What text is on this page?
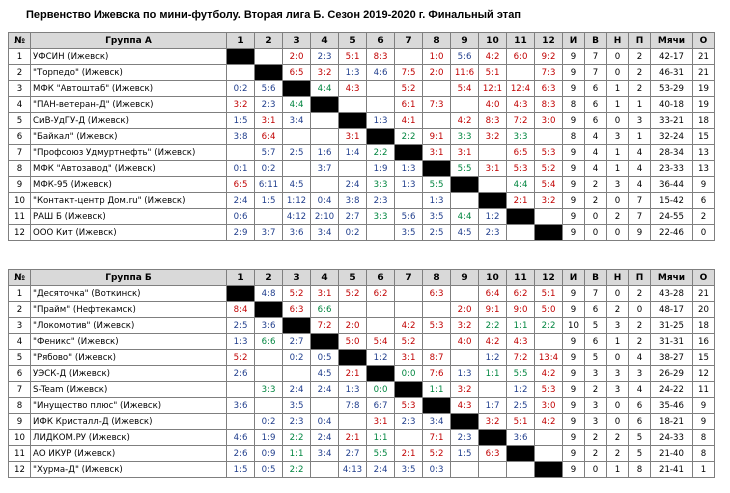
Первенство Ижевска по мини-футболу. Вторая лига Б. Сезон 2019-2020 г. Финальный этап
№	Группа А	1	2	3	4	5	6	7	8	9	10	11	12	И	В	Н	П	Мячи	О
1	УФСИН (Ижевск)			2:0	2:3	5:1	8:3		1:0	5:6	4:2	6:0	9:2	9	7	0	2	42-17	21
2	"Торпедо" (Ижевск)			6:5	3:2	1:3	4:6	7:5	2:0	11:6	5:1		7:3	9	7	0	2	46-31	21
3	МФК "Автоштаб" (Ижевск)	0:2	5:6		4:4	4:3		5:2		5:4	12:1	12:4	6:3	9	6	1	2	53-29	19
4	"ПАН-ветеран-Д" (Ижевск)	3:2	2:3	4:4				6:1	7:3		4:0	4:3	8:3	8	6	1	1	40-18	19
5	СиВ-УдГУ-Д (Ижевск)	1:5	3:1	3:4			1:3	4:1		4:2	8:3	7:2	3:0	9	6	0	3	33-21	18
6	"Байкал" (Ижевск)	3:8	6:4			3:1		2:2	9:1	3:3	3:2	3:3		8	4	3	1	32-24	15
7	"Профсоюз Удмуртнефть" (Ижевск)		5:7	2:5	1:6	1:4	2:2		3:1	3:1		6:5	5:3	9	4	1	4	28-34	13
8	МФК "Автозавод" (Ижевск)	0:1	0:2		3:7		1:9	1:3		5:5	3:1	5:3	5:2	9	4	1	4	23-33	13
9	МФК-95 (Ижевск)	6:5	6:11	4:5		2:4	3:3	1:3	5:5			4:4	5:4	9	2	3	4	36-44	9
10	"Контакт-центр Дом.ru" (Ижевск)	2:4	1:5	1:12	0:4	3:8	2:3		1:3			2:1	3:2	9	2	0	7	15-42	6
11	РАШ Б (Ижевск)	0:6		4:12	2:10	2:7	3:3	5:6	3:5	4:4	1:2			9	0	2	7	24-55	2
12	ООО Кит (Ижевск)	2:9	3:7	3:6	3:4	0:2		3:5	2:5	4:5	2:3			9	0	0	9	22-46	0
№	Группа Б	1	2	3	4	5	6	7	8	9	10	11	12	И	В	Н	П	Мячи	О
1	"Десяточка" (Воткинск)		4:8	5:2	3:1	5:2	6:2		6:3		6:4	6:2	5:1	9	7	0	2	43-28	21
2	"Прайм" (Нефтекамск)	8:4		6:3	6:6					2:0	9:1	9:0	5:0	9	6	2	0	48-17	20
3	"Локомотив" (Ижевск)	2:5	3:6		7:2	2:0		4:2	5:3	3:2	2:2	1:1	2:2	10	5	3	2	31-25	18
4	"Феникс" (Ижевск)	1:3	6:6	2:7		5:0	5:4	5:2		4:0	4:2	4:3		9	6	1	2	31-31	16
5	"Рябово" (Ижевск)	5:2		0:2	0:5		1:2	3:1	8:7		1:2	7:2	13:4	9	5	0	4	38-27	15
6	УЭСК-Д (Ижевск)	2:6			4:5	2:1		0:0	7:6	1:3	1:1	5:5	4:2	9	3	3	3	26-29	12
7	S-Team (Ижевск)		3:3	2:4	2:4	1:3	0:0		1:1	3:2		1:2	5:3	9	2	3	4	24-22	11
8	"Инущество плюс" (Ижевск)	3:6		3:5		7:8	6:7	5:3		4:3	1:7	2:5	3:0	9	3	0	6	35-46	9
9	ИФК Кристалл-Д (Ижевск)		0:2	2:3	0:4		3:1	2:3	3:4		3:2	5:1	4:2	9	3	0	6	18-21	9
10	ЛИДКОМ.РУ (Ижевск)	4:6	1:9	2:2	2:4	2:1	1:1		7:1	2:3		3:6		9	2	2	5	24-33	8
11	АО ИКУР (Ижевск)	2:6	0:9	1:1	3:4	2:7	5:5	2:1	5:2	1:5	6:3			9	2	2	5	21-40	8
12	"Хурма-Д" (Ижевск)	1:5	0:5	2:2		4:13	2:4	3:5	0:3					9	0	1	8	21-41	1
